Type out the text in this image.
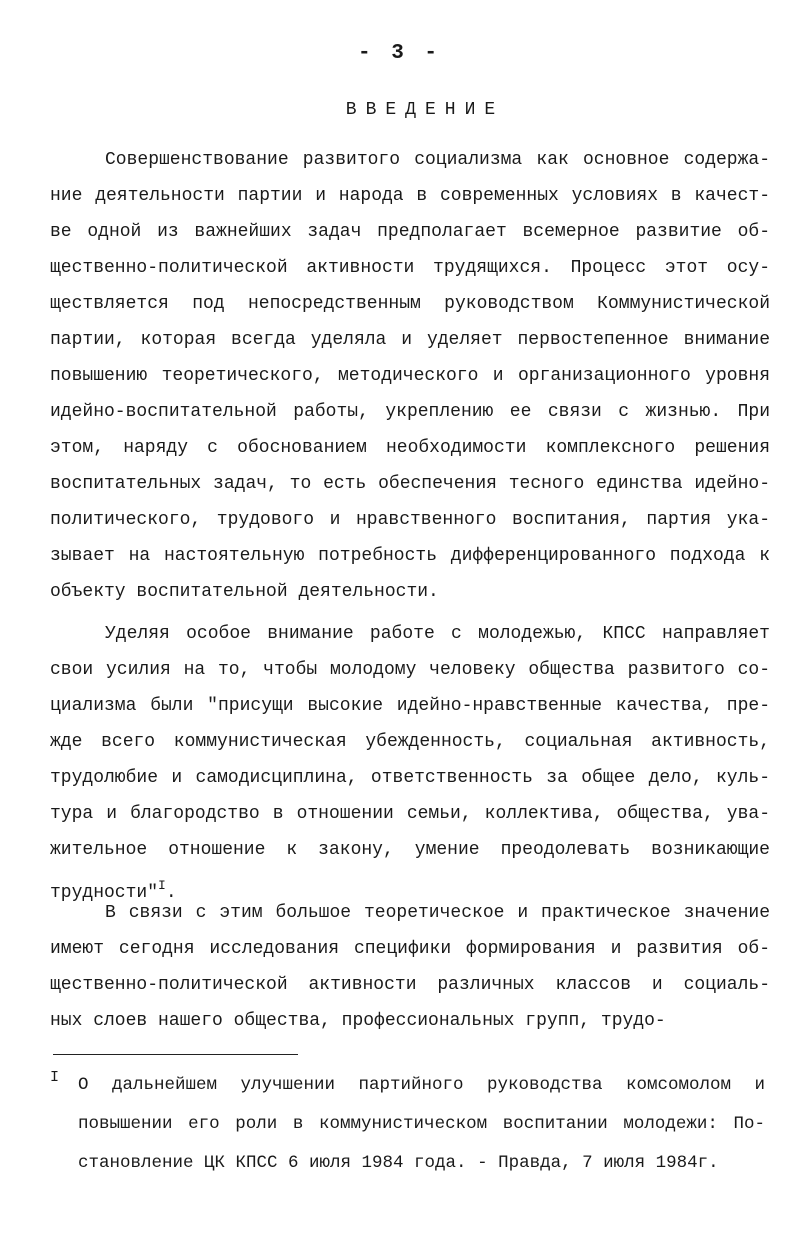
- 3 -
ВВЕДЕНИЕ
Совершенствование развитого социализма как основное содержа-
ние деятельности партии и народа в современных условиях в качест-
ве одной из важнейших задач предполагает всемерное развитие об-
щественно-политической активности трудящихся. Процесс этот осу-
ществляется под непосредственным руководством Коммунистической
партии, которая всегда уделяла и уделяет первостепенное внимание
повышению теоретического, методического и организационного уровня
идейно-воспитательной работы, укреплению ее связи с жизнью. При
этом, наряду с обоснованием необходимости комплексного решения
воспитательных задач, то есть обеспечения тесного единства идейно-
политического, трудового и нравственного воспитания, партия ука-
зывает на настоятельную потребность дифференцированного подхода к
объекту воспитательной деятельности.
Уделяя особое внимание работе с молодежью, КПСС направляет
свои усилия на то, чтобы молодому человеку общества развитого со-
циализма были "присущи высокие идейно-нравственные качества, пре-
жде всего коммунистическая убежденность, социальная активность,
трудолюбие и самодисциплина, ответственность за общее дело, куль-
тура и благородство в отношении семьи, коллектива, общества, ува-
жительное отношение к закону, умение преодолевать возникающие
трудности"$^I$.
В связи с этим большое теоретическое и практическое значение
имеют сегодня исследования специфики формирования и развития об-
щественно-политической активности различных классов и социаль-
ных слоев нашего общества, профессиональных групп, трудо-
I	О дальнейшем улучшении партийного руководства комсомолом и
повышении его роли в коммунистическом воспитании молодежи: По-
становление ЦК КПСС 6 июля 1984 года. - Правда, 7 июля 1984г.
